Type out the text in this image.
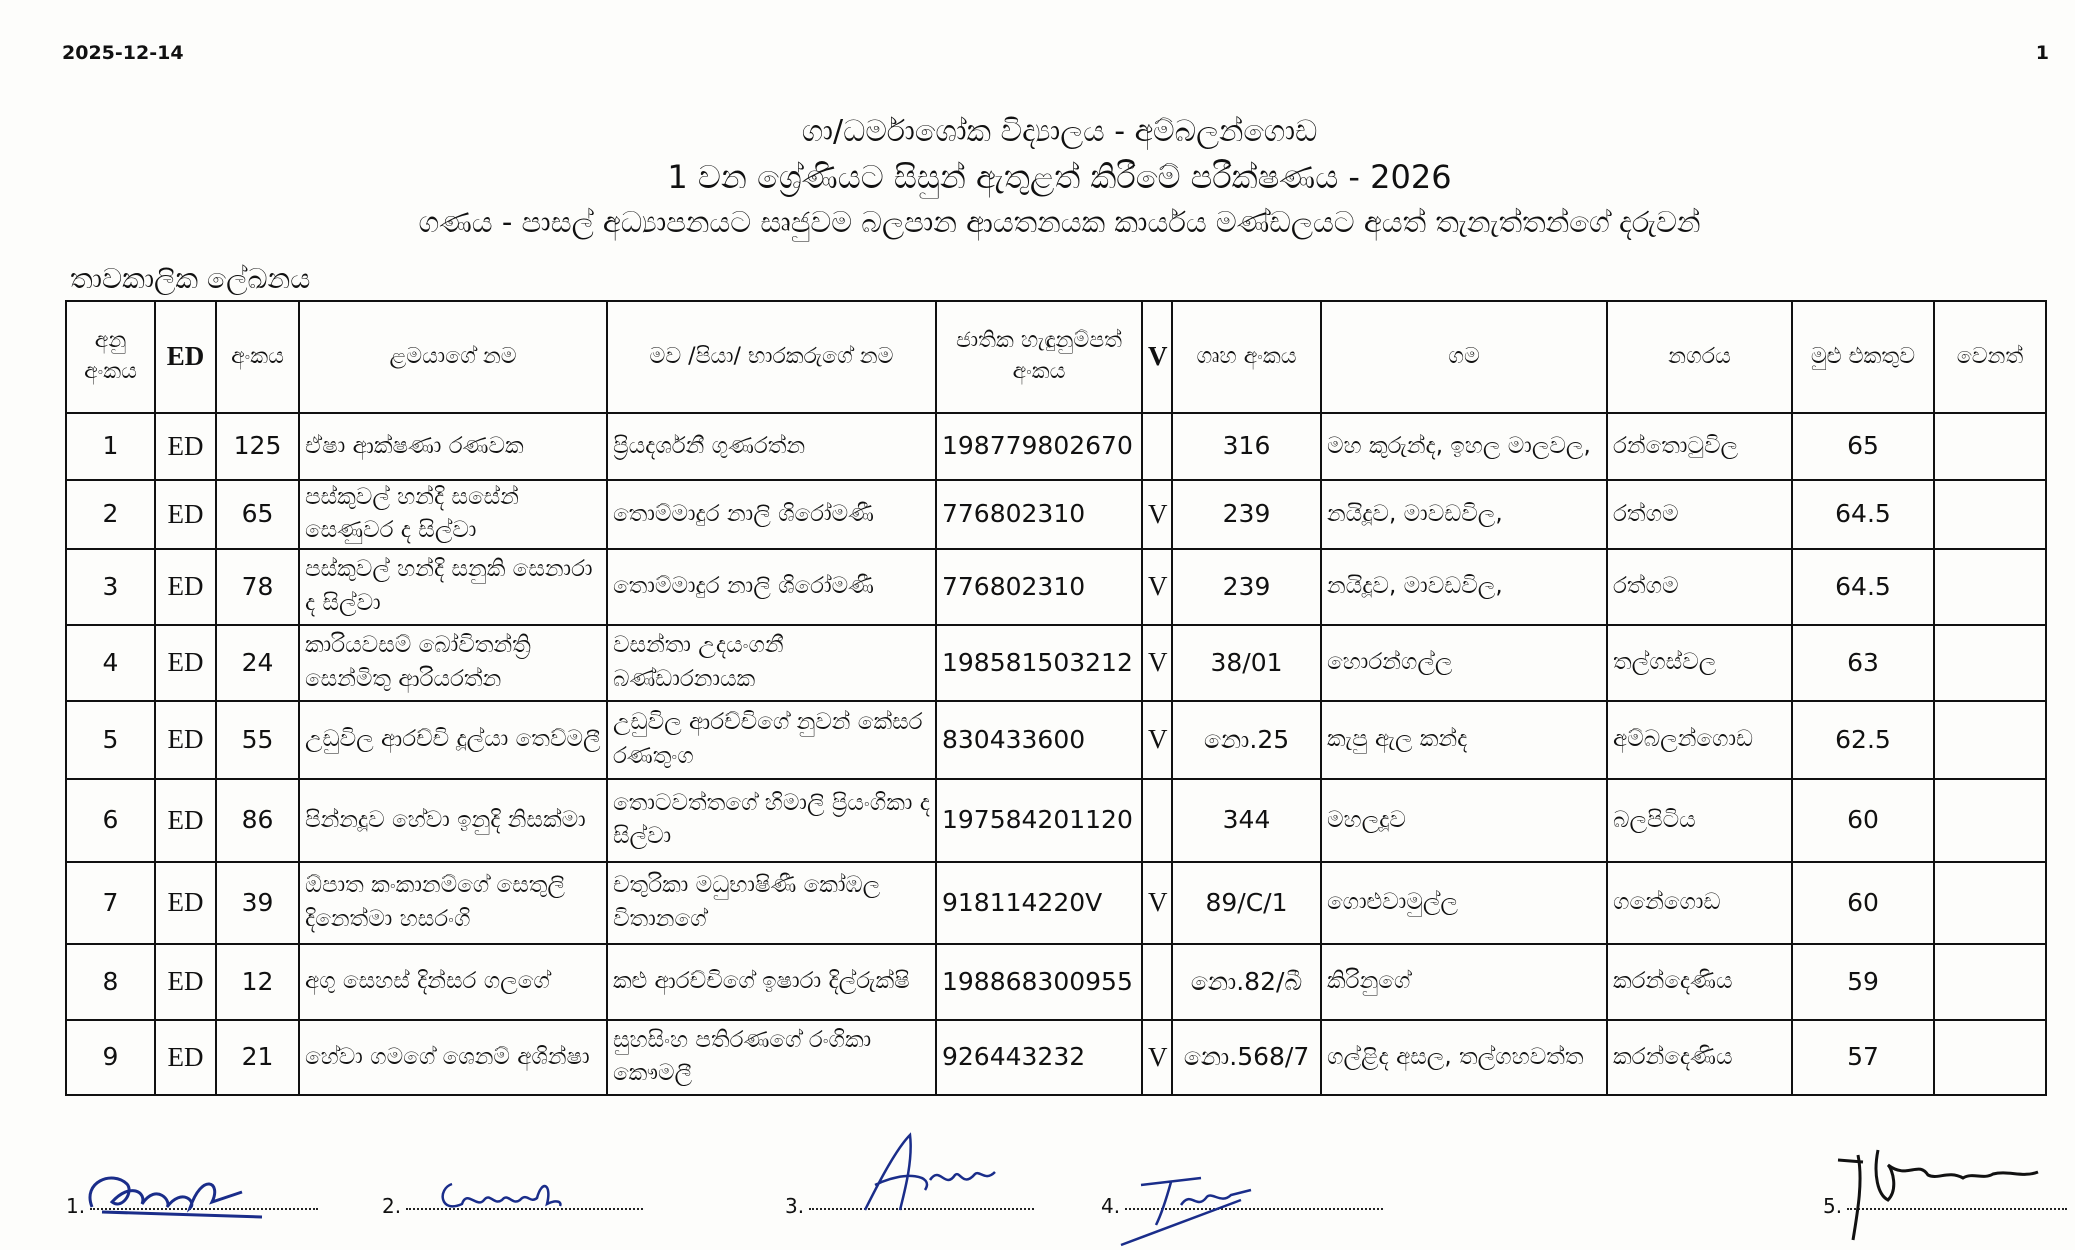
2025-12-14	1
ගා/ධර්මාශෝක විද්‍යාලය - අම්බලන්ගොඩ
1 වන ශ්‍රේණියට සිසුන් ඇතුළත් කිරීමේ පරීක්ෂණය - 2026
ගණය - පාසල් අධ්‍යාපනයට සෘජුවම බලපාන ආයතනයක කාර්යය මණ්ඩලයට අයත් තැනැත්තන්ගේ දරුවන්
තාවකාලික ලේඛනය
අනු අංකය	ED	අංකය	ළමයාගේ නම	මව /පියා/ භාරකරුගේ නම	ජාතික හැඳුනුම්පත් අංකය	V	ගෘහ අංකය	ගම	නගරය	මුළු එකතුව	වෙනත්
1	ED	125	ඒෂා ආක්ෂණා රණවක	ප්‍රියදර්ශනී ගුණරත්න	198779802670		316	මහ කුරුන්ද, ඉහල මාලවල,	රන්තොටුවිල	65	
2	ED	65	පස්කුවල් හන්දි සසේන් සෙණුවර ද සිල්වා	තොම්මාදුර නාලි ශිරෝමණී	776802310	V	239	නයිදූව, මාවඩවිල,	රත්ගම	64.5	
3	ED	78	පස්කුවල් හන්දි සනුකි සෙනාරා ද සිල්වා	තොම්මාදුර නාලි ශිරෝමණී	776802310	V	239	නයිදූව, මාවඩවිල,	රත්ගම	64.5	
4	ED	24	කාරියවසම් බෝවිතන්ත්‍රි සෙන්මිතු ආරියරත්න	වසන්තා උදයංගනී බණ්ඩාරනායක	198581503212	V	38/01	හොරන්ගල්ල	තල්ගස්වල	63	
5	ED	55	උඩුවිල ආරච්චි දූල්යා තෙව්මලී	උඩුවිල ආරච්චිගේ නුවන් කේසර රණතුංග	830433600	V	නො.25	කැපු ඇල කන්ද	අම්බලන්ගොඩ	62.5	
6	ED	86	පින්නදූව හේවා ඉනුදි නිසක්මා	තොටවත්තගේ හිමාලි ප්‍රියංගිකා ද සිල්වා	197584201120		344	මහලදූව	බලපිටිය	60	
7	ED	39	ඕපාත කංකානම්ගේ සෙතුලි දිනෙත්මා හසරංගි	චතුරිකා මධුභාෂිණී කෝඹල විතානගේ	918114220V	V	89/C/1	ගොළුවාමුල්ල	ගනේගොඩ	60	
8	ED	12	අගු සෙහස් දින්සර ගලගේ	කළු ආරච්චිගේ ඉෂාරා දිල්රුක්ෂි	198868300955		නො.82/බී	කිරිනුගේ	කරන්දෙණිය	59	
9	ED	21	හේවා ගමගේ ශෙනම් අශින්ෂා	සුහසිංහ පතිරණගේ රංගිකා කෞමලී	926443232	V	නො.568/7	ගල්ළිද අසල, තල්ගහවත්ත	කරන්දෙණිය	57	
1.	2.	3.	4.	5.
